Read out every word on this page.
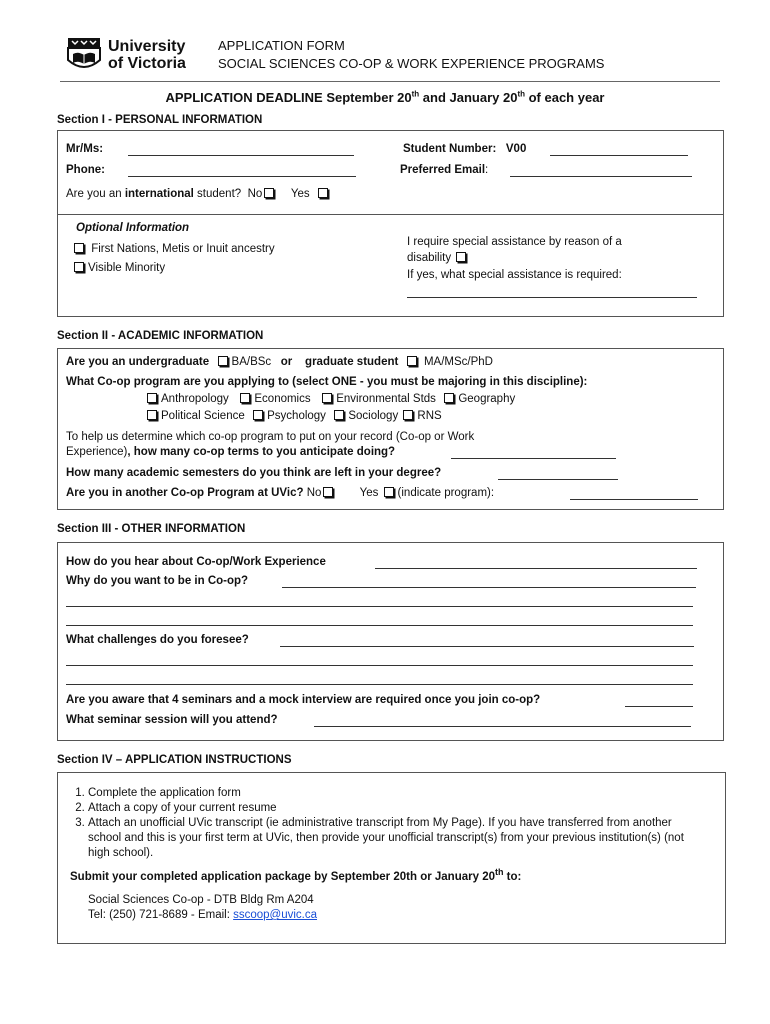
University
of Victoria
APPLICATION FORM
SOCIAL SCIENCES CO-OP & WORK EXPERIENCE PROGRAMS
APPLICATION DEADLINE September 20th and January 20th of each year
Section I - PERSONAL INFORMATION
Mr/Ms:	Student Number: V00
Phone:	Preferred Email:
Are you an international student? No Yes
Optional Information
First Nations, Metis or Inuit ancestry
Visible Minority
I require special assistance by reason of a
disability
If yes, what special assistance is required:
Section II - ACADEMIC INFORMATION
Are you an undergraduate BA/BSc or graduate student MA/MSc/PhD
What Co-op program are you applying to (select ONE - you must be majoring in this discipline):
Anthropology Economics Environmental Stds Geography
Political Science Psychology Sociology RNS
To help us determine which co-op program to put on your record (Co-op or Work
Experience), how many co-op terms to you anticipate doing?
How many academic semesters do you think are left in your degree?
Are you in another Co-op Program at UVic? No	Yes (indicate program):
Section III - OTHER INFORMATION
How do you hear about Co-op/Work Experience
Why do you want to be in Co-op?
What challenges do you foresee?
Are you aware that 4 seminars and a mock interview are required once you join co-op?
What seminar session will you attend?
Section IV – APPLICATION INSTRUCTIONS
1. Complete the application form
2. Attach a copy of your current resume
3. Attach an unofficial UVic transcript (ie administrative transcript from My Page). If you have transferred from another school and this is your first term at UVic, then provide your unofficial transcript(s) from your previous institution(s) (not high school).
Submit your completed application package by September 20th or January 20th to:
Social Sciences Co-op - DTB Bldg Rm A204
Tel: (250) 721-8689 - Email: sscoop@uvic.ca
